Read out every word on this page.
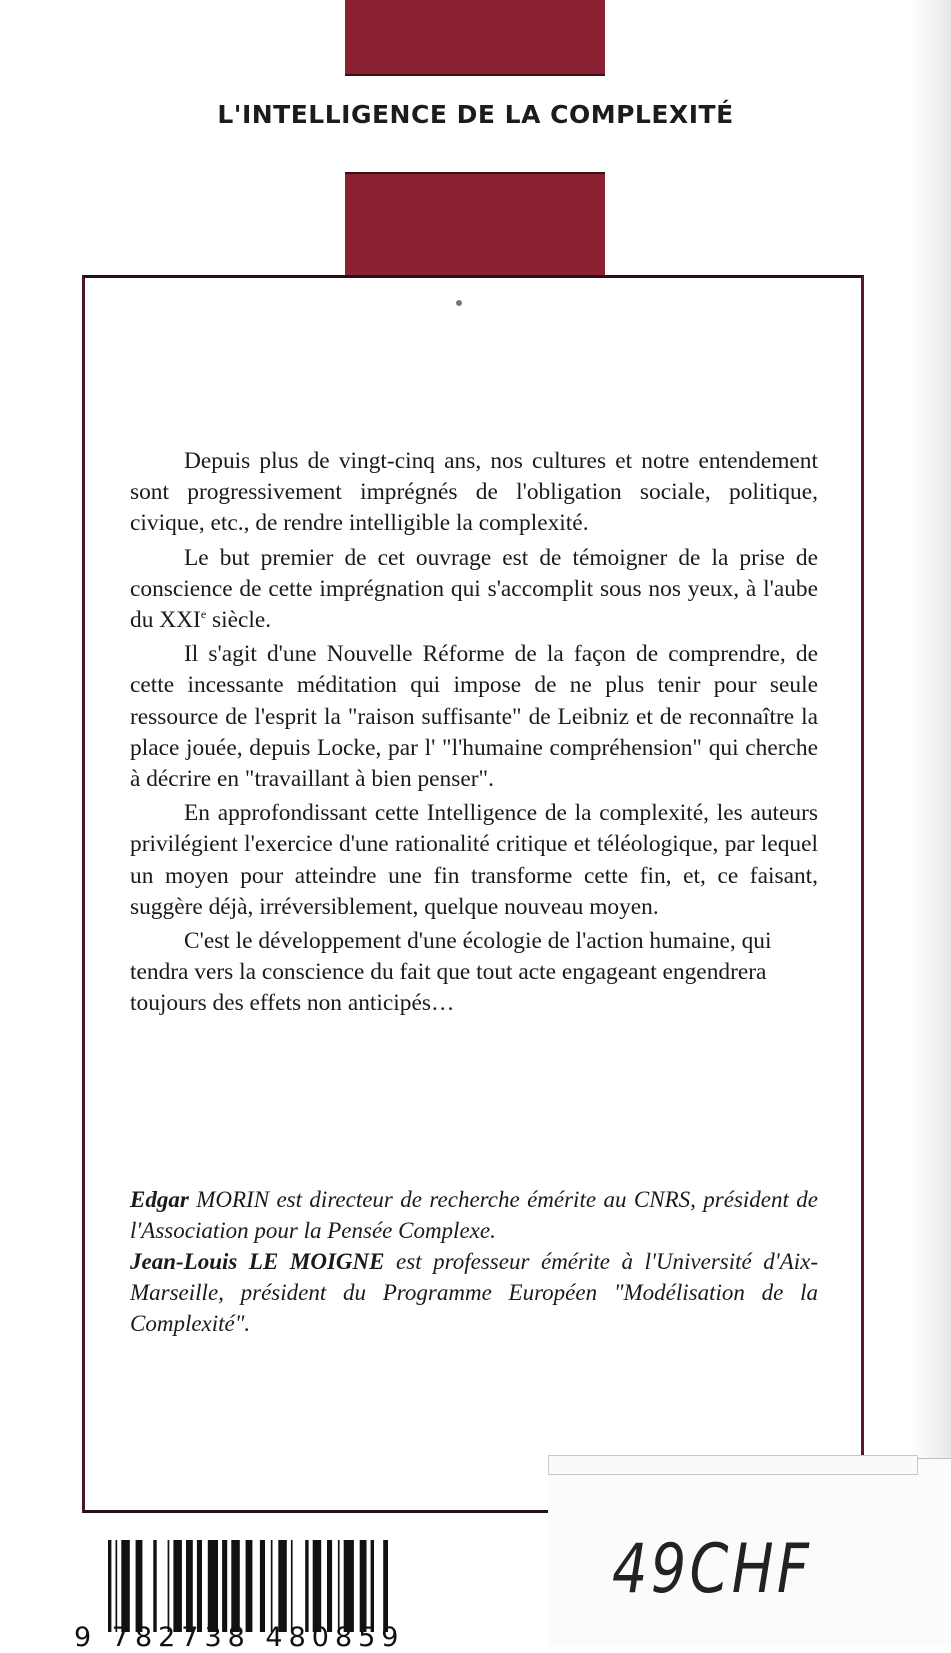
L'INTELLIGENCE DE LA COMPLEXITÉ

Depuis plus de vingt-cinq ans, nos cultures et notre entendement sont progressivement imprégnés de l'obligation sociale, politique, civique, etc., de rendre intelligible la complexité.

Le but premier de cet ouvrage est de témoigner de la prise de conscience de cette imprégnation qui s'accomplit sous nos yeux, à l'aube du XXIe siècle.

Il s'agit d'une Nouvelle Réforme de la façon de comprendre, de cette incessante méditation qui impose de ne plus tenir pour seule ressource de l'esprit la "raison suffisante" de Leibniz et de reconnaître la place jouée, depuis Locke, par l' "l'humaine compréhension" qui cherche à décrire en "travaillant à bien penser".

En approfondissant cette Intelligence de la complexité, les auteurs privilégient l'exercice d'une rationalité critique et téléologique, par lequel un moyen pour atteindre une fin transforme cette fin, et, ce faisant, suggère déjà, irréversiblement, quelque nouveau moyen.

C'est le développement d'une écologie de l'action humaine, qui tendra vers la conscience du fait que tout acte engageant engendrera toujours des effets non anticipés…

Edgar MORIN est directeur de recherche émérite au CNRS, président de l'Association pour la Pensée Complexe.

Jean-Louis LE MOIGNE est professeur émérite à l'Université d'Aix-Marseille, président du Programme Européen "Modélisation de la Complexité".

49CHF
9 782738 480859
